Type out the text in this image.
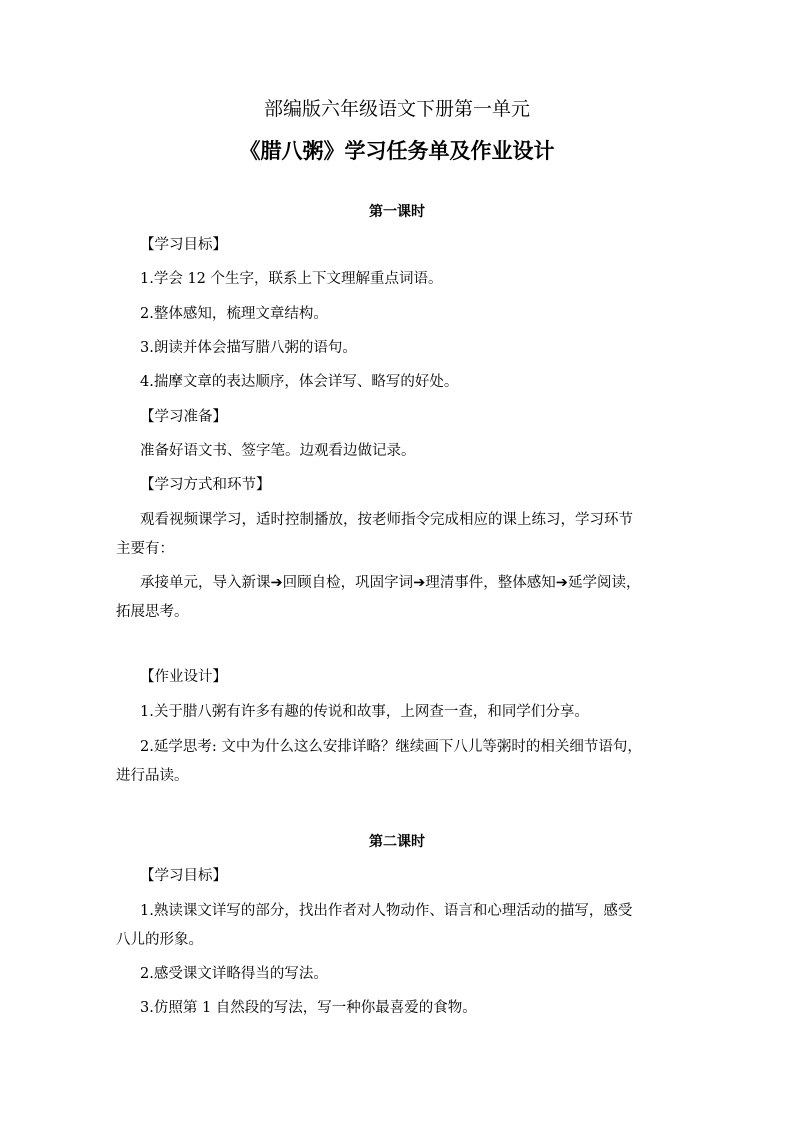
部编版六年级语文下册第一单元
《腊八粥》学习任务单及作业设计
第一课时
【学习目标】
1.学会 12 个生字，联系上下文理解重点词语。
2.整体感知，梳理文章结构。
3.朗读并体会描写腊八粥的语句。
4.揣摩文章的表达顺序，体会详写、略写的好处。
【学习准备】
准备好语文书、签字笔。边观看边做记录。
【学习方式和环节】
观看视频课学习，适时控制播放，按老师指令完成相应的课上练习，学习环节
主要有：
承接单元，导入新课➔回顾自检，巩固字词➔理清事件，整体感知➔延学阅读，
拓展思考。
【作业设计】
1.关于腊八粥有许多有趣的传说和故事，上网查一查，和同学们分享。
2.延学思考: 文中为什么这么安排详略？继续画下八儿等粥时的相关细节语句，
进行品读。
第二课时
【学习目标】
1.熟读课文详写的部分，找出作者对人物动作、语言和心理活动的描写，感受
八儿的形象。
2.感受课文详略得当的写法。
3.仿照第 1 自然段的写法，写一种你最喜爱的食物。
